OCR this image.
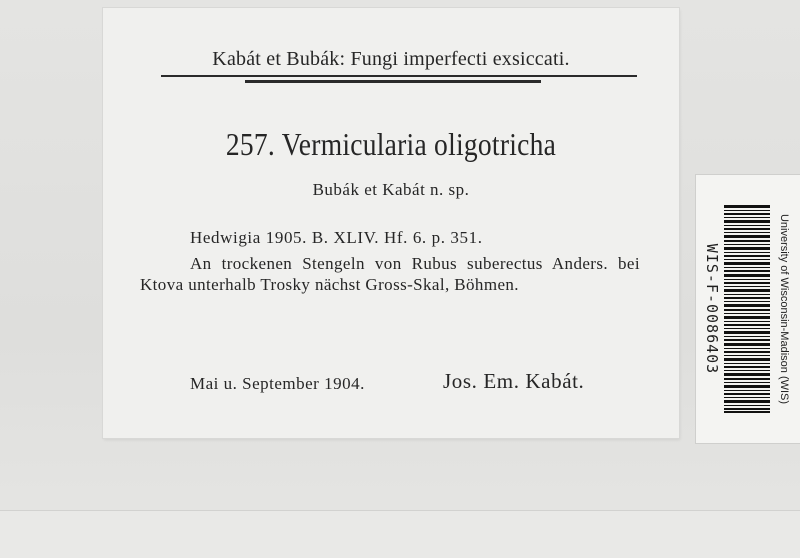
Kabát et Bubák: Fungi imperfecti exsiccati.
257. Vermicularia oligotricha
Bubák et Kabát n. sp.
Hedwigia 1905. B. XLIV. Hf. 6. p. 351.
An trockenen Stengeln von Rubus suberectus Anders. bei Ktova unterhalb Trosky nächst Gross-Skal, Böhmen.
Mai u. September 1904.	Jos. Em. Kabát.
WIS-F-0086403	University of Wisconsin-Madison (WIS)
